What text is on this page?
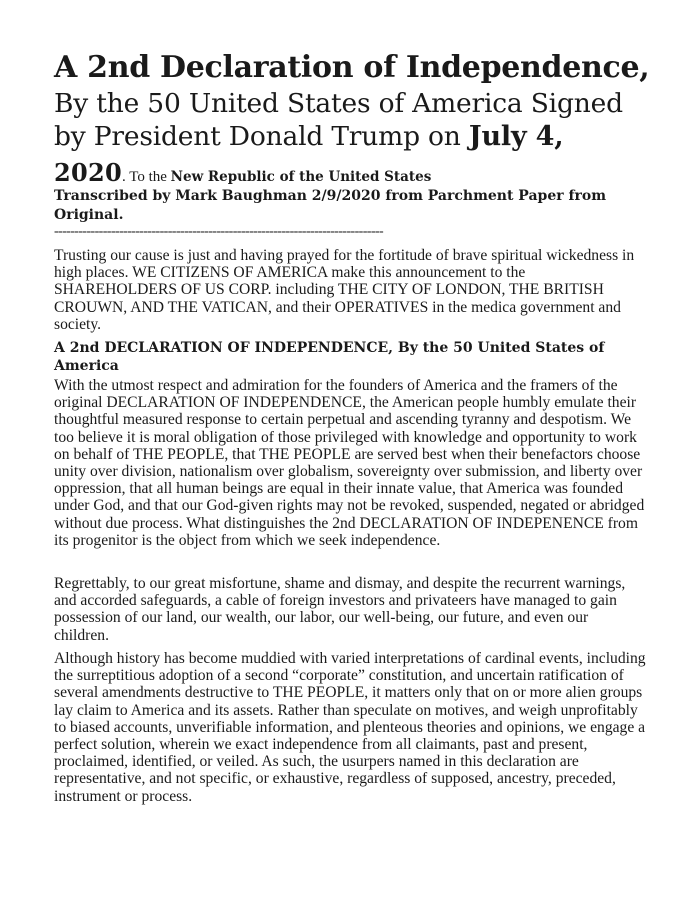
A 2nd Declaration of Independence,
By the 50 United States of America Signed
by President Donald Trump on July 4,
2020. To the New Republic of the United States
Transcribed by Mark Baughman 2/9/2020 from Parchment Paper from Original.
---------------------------------------------------------------------------------
Trusting our cause is just and having prayed for the fortitude of brave spiritual wickedness in high places. WE CITIZENS OF AMERICA make this announcement to the SHAREHOLDERS OF US CORP. including THE CITY OF LONDON, THE BRITISH CROUWN, AND THE VATICAN, and their OPERATIVES in the medica government and society.
A 2nd DECLARATION OF INDEPENDENCE, By the 50 United States of America
With the utmost respect and admiration for the founders of America and the framers of the original DECLARATION OF INDEPENDENCE, the American people humbly emulate their thoughtful measured response to certain perpetual and ascending tyranny and despotism. We too believe it is moral obligation of those privileged with knowledge and opportunity to work on behalf of THE PEOPLE, that THE PEOPLE are served best when their benefactors choose unity over division, nationalism over globalism, sovereignty over submission, and liberty over oppression, that all human beings are equal in their innate value, that America was founded under God, and that our God-given rights may not be revoked, suspended, negated or abridged without due process. What distinguishes the 2nd DECLARATION OF INDEPENENCE from its progenitor is the object from which we seek independence.
Regrettably, to our great misfortune, shame and dismay, and despite the recurrent warnings, and accorded safeguards, a cable of foreign investors and privateers have managed to gain possession of our land, our wealth, our labor, our well-being, our future, and even our children.
Although history has become muddied with varied interpretations of cardinal events, including the surreptitious adoption of a second “corporate” constitution, and uncertain ratification of several amendments destructive to THE PEOPLE, it matters only that on or more alien groups lay claim to America and its assets. Rather than speculate on motives, and weigh unprofitably to biased accounts, unverifiable information, and plenteous theories and opinions, we engage a perfect solution, wherein we exact independence from all claimants, past and present, proclaimed, identified, or veiled. As such, the usurpers named in this declaration are representative, and not specific, or exhaustive, regardless of supposed, ancestry, preceded, instrument or process.
